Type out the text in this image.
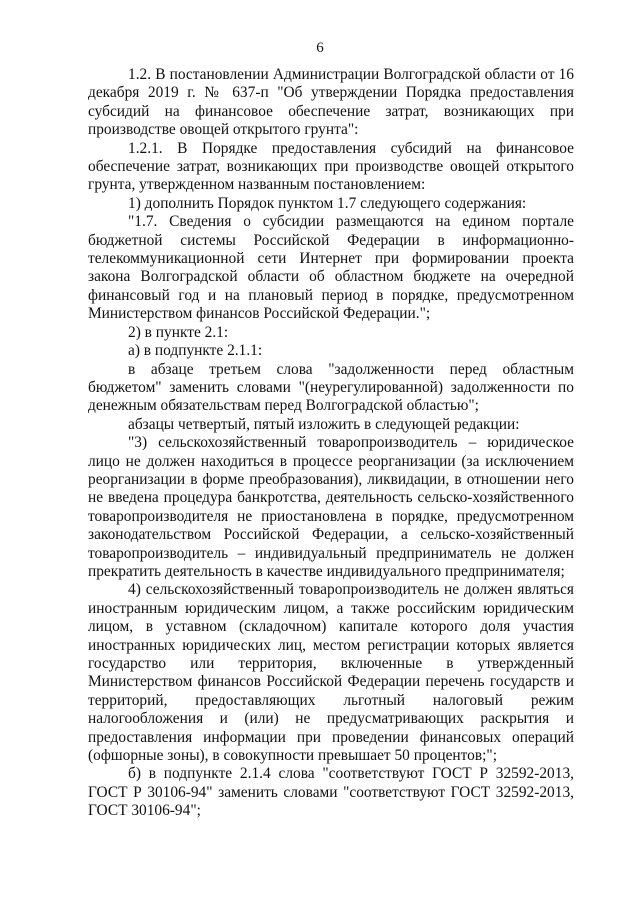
6

1.2. В постановлении Администрации Волгоградской области от 16 декабря 2019 г. № 637-п "Об утверждении Порядка предоставления субсидий на финансовое обеспечение затрат, возникающих при производстве овощей открытого грунта":

1.2.1. В Порядке предоставления субсидий на финансовое обеспечение затрат, возникающих при производстве овощей открытого грунта, утвержденном названным постановлением:

1) дополнить Порядок пунктом 1.7 следующего содержания:

"1.7. Сведения о субсидии размещаются на едином портале бюджетной системы Российской Федерации в информационно-телекоммуникационной сети Интернет при формировании проекта закона Волгоградской области об областном бюджете на очередной финансовый год и на плановый период в порядке, предусмотренном Министерством финансов Российской Федерации.";

2) в пункте 2.1:

а) в подпункте 2.1.1:

в абзаце третьем слова "задолженности перед областным бюджетом" заменить словами "(неурегулированной) задолженности по денежным обязательствам перед Волгоградской областью";

абзацы четвертый, пятый изложить в следующей редакции:

"3) сельскохозяйственный товаропроизводитель – юридическое лицо не должен находиться в процессе реорганизации (за исключением реорганизации в форме преобразования), ликвидации, в отношении него не введена процедура банкротства, деятельность сельско-хозяйственного товаропроизводителя не приостановлена в порядке, предусмотренном законодательством Российской Федерации, а сельско-хозяйственный товаропроизводитель – индивидуальный предприниматель не должен прекратить деятельность в качестве индивидуального предпринимателя;

4) сельскохозяйственный товаропроизводитель не должен являться иностранным юридическим лицом, а также российским юридическим лицом, в уставном (складочном) капитале которого доля участия иностранных юридических лиц, местом регистрации которых является государство или территория, включенные в утвержденный Министерством финансов Российской Федерации перечень государств и территорий, предоставляющих льготный налоговый режим налогообложения и (или) не предусматривающих раскрытия и предоставления информации при проведении финансовых операций (офшорные зоны), в совокупности превышает 50 процентов;";

б) в подпункте 2.1.4 слова "соответствуют ГОСТ Р 32592-2013, ГОСТ Р 30106-94" заменить словами "соответствуют ГОСТ 32592-2013, ГОСТ 30106-94";
